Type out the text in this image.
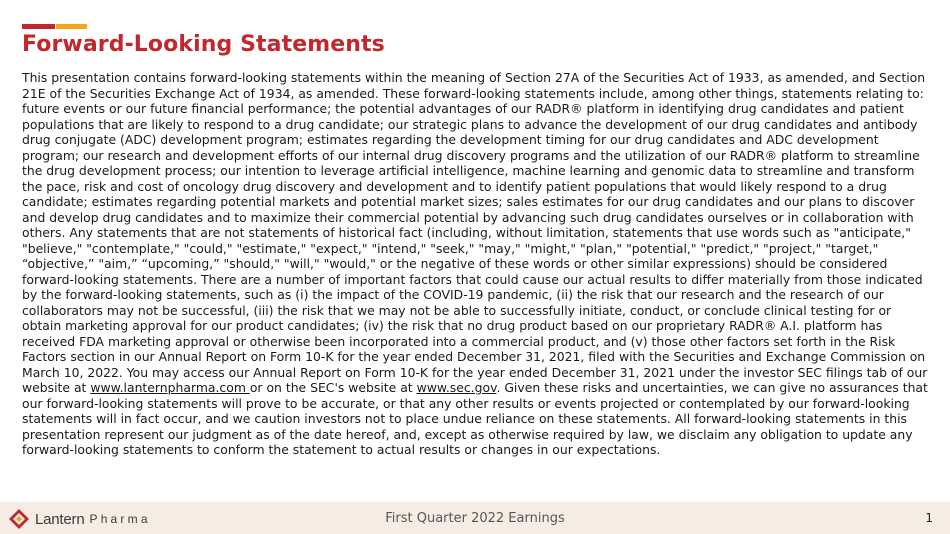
Forward-Looking Statements

This presentation contains forward-looking statements within the meaning of Section 27A of the Securities Act of 1933, as amended, and Section 21E of the Securities Exchange Act of 1934, as amended. These forward-looking statements include, among other things, statements relating to: future events or our future financial performance; the potential advantages of our RADR® platform in identifying drug candidates and patient populations that are likely to respond to a drug candidate; our strategic plans to advance the development of our drug candidates and antibody drug conjugate (ADC) development program; estimates regarding the development timing for our drug candidates and ADC development program; our research and development efforts of our internal drug discovery programs and the utilization of our RADR® platform to streamline the drug development process; our intention to leverage artificial intelligence, machine learning and genomic data to streamline and transform the pace, risk and cost of oncology drug discovery and development and to identify patient populations that would likely respond to a drug candidate; estimates regarding potential markets and potential market sizes; sales estimates for our drug candidates and our plans to discover and develop drug candidates and to maximize their commercial potential by advancing such drug candidates ourselves or in collaboration with others. Any statements that are not statements of historical fact (including, without limitation, statements that use words such as "anticipate," "believe," "contemplate," "could," "estimate," "expect," "intend," "seek," "may," "might," "plan," "potential," "predict," "project," "target," “objective,” "aim,” “upcoming,” "should," "will," "would," or the negative of these words or other similar expressions) should be considered forward-looking statements. There are a number of important factors that could cause our actual results to differ materially from those indicated by the forward-looking statements, such as (i) the impact of the COVID-19 pandemic, (ii) the risk that our research and the research of our collaborators may not be successful, (iii) the risk that we may not be able to successfully initiate, conduct, or conclude clinical testing for or obtain marketing approval for our product candidates; (iv) the risk that no drug product based on our proprietary RADR® A.I. platform has received FDA marketing approval or otherwise been incorporated into a commercial product, and (v) those other factors set forth in the Risk Factors section in our Annual Report on Form 10-K for the year ended December 31, 2021, filed with the Securities and Exchange Commission on March 10, 2022. You may access our Annual Report on Form 10-K for the year ended December 31, 2021 under the investor SEC filings tab of our website at www.lanternpharma.com or on the SEC's website at www.sec.gov. Given these risks and uncertainties, we can give no assurances that our forward-looking statements will prove to be accurate, or that any other results or events projected or contemplated by our forward-looking statements will in fact occur, and we caution investors not to place undue reliance on these statements. All forward-looking statements in this presentation represent our judgment as of the date hereof, and, except as otherwise required by law, we disclaim any obligation to update any forward-looking statements to conform the statement to actual results or changes in our expectations.

Lantern Pharma	First Quarter 2022 Earnings	1
